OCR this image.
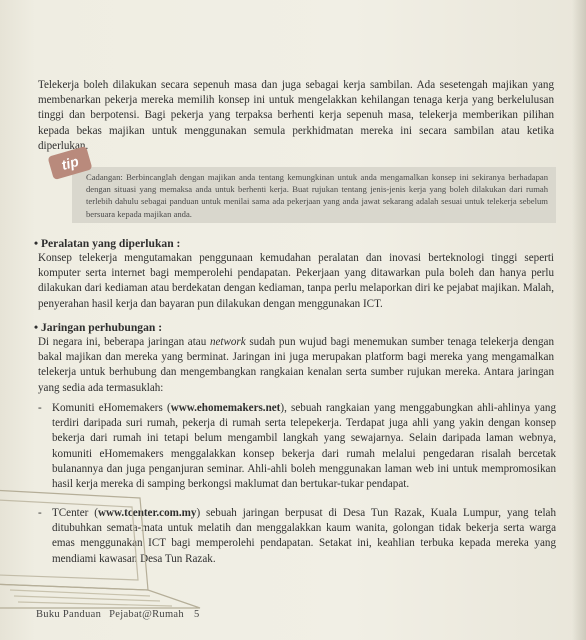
Telekerja boleh dilakukan secara sepenuh masa dan juga sebagai kerja sambilan. Ada sesetengah majikan yang membenarkan pekerja mereka memilih konsep ini untuk mengelakkan kehilangan tenaga kerja yang berkelulusan tinggi dan berpotensi. Bagi pekerja yang terpaksa berhenti kerja sepenuh masa, telekerja memberikan pilihan kepada bekas majikan untuk menggunakan semula perkhidmatan mereka ini secara sambilan atau ketika diperlukan.

tip

Cadangan: Berbincanglah dengan majikan anda tentang kemungkinan untuk anda mengamalkan konsep ini sekiranya berhadapan dengan situasi yang memaksa anda untuk berhenti kerja. Buat rujukan tentang jenis-jenis kerja yang boleh dilakukan dari rumah terlebih dahulu sebagai panduan untuk menilai sama ada pekerjaan yang anda jawat sekarang adalah sesuai untuk telekerja sebelum bersuara kepada majikan anda.

• Peralatan yang diperlukan :

Konsep telekerja mengutamakan penggunaan kemudahan peralatan dan inovasi berteknologi tinggi seperti komputer serta internet bagi memperolehi pendapatan. Pekerjaan yang ditawarkan pula boleh dan hanya perlu dilakukan dari kediaman atau berdekatan dengan kediaman, tanpa perlu melaporkan diri ke pejabat majikan. Malah, penyerahan hasil kerja dan bayaran pun dilakukan dengan menggunakan ICT.

• Jaringan perhubungan :

Di negara ini, beberapa jaringan atau network sudah pun wujud bagi menemukan sumber tenaga telekerja dengan bakal majikan dan mereka yang berminat. Jaringan ini juga merupakan platform bagi mereka yang mengamalkan telekerja untuk berhubung dan mengembangkan rangkaian kenalan serta sumber rujukan mereka. Antara jaringan yang sedia ada termasuklah:

- Komuniti eHomemakers (www.ehomemakers.net), sebuah rangkaian yang menggabungkan ahli-ahlinya yang terdiri daripada suri rumah, pekerja di rumah serta telepekerja. Terdapat juga ahli yang yakin dengan konsep bekerja dari rumah ini tetapi belum mengambil langkah yang sewajarnya. Selain daripada laman webnya, komuniti eHomemakers menggalakkan konsep bekerja dari rumah melalui pengedaran risalah bercetak bulanannya dan juga penganjuran seminar. Ahli-ahli boleh menggunakan laman web ini untuk mempromosikan hasil kerja mereka di samping berkongsi maklumat dan bertukar-tukar pendapat.
- TCenter (www.tcenter.com.my) sebuah jaringan berpusat di Desa Tun Razak, Kuala Lumpur, yang telah ditubuhkan semata-mata untuk melatih dan menggalakkan kaum wanita, golongan tidak bekerja serta warga emas menggunakan ICT bagi memperolehi pendapatan. Setakat ini, keahlian terbuka kepada mereka yang mendiami kawasan Desa Tun Razak.
Buku Panduan Pejabat@Rumah 5
